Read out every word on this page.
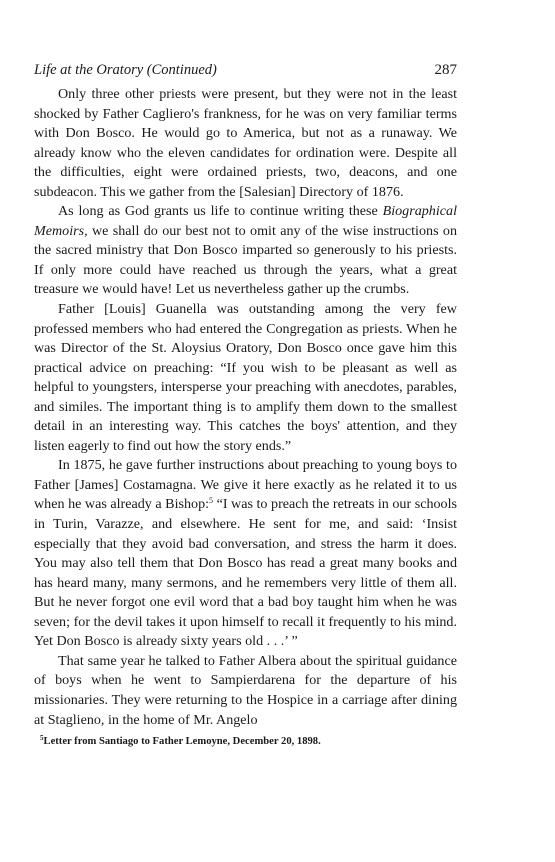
Life at the Oratory (Continued)	287

Only three other priests were present, but they were not in the least shocked by Father Cagliero's frankness, for he was on very familiar terms with Don Bosco. He would go to America, but not as a runaway. We already know who the eleven candidates for ordination were. Despite all the difficulties, eight were ordained priests, two, deacons, and one subdeacon. This we gather from the [Salesian] Directory of 1876.

As long as God grants us life to continue writing these Biographical Memoirs, we shall do our best not to omit any of the wise instructions on the sacred ministry that Don Bosco imparted so generously to his priests. If only more could have reached us through the years, what a great treasure we would have! Let us nevertheless gather up the crumbs.

Father [Louis] Guanella was outstanding among the very few professed members who had entered the Congregation as priests. When he was Director of the St. Aloysius Oratory, Don Bosco once gave him this practical advice on preaching: “If you wish to be pleasant as well as helpful to youngsters, intersperse your preaching with anecdotes, parables, and similes. The important thing is to amplify them down to the smallest detail in an interesting way. This catches the boys' attention, and they listen eagerly to find out how the story ends.”

In 1875, he gave further instructions about preaching to young boys to Father [James] Costamagna. We give it here exactly as he related it to us when he was already a Bishop:$^5$ “I was to preach the retreats in our schools in Turin, Varazze, and elsewhere. He sent for me, and said: ‘Insist especially that they avoid bad conversation, and stress the harm it does. You may also tell them that Don Bosco has read a great many books and has heard many, many sermons, and he remembers very little of them all. But he never forgot one evil word that a bad boy taught him when he was seven; for the devil takes it upon himself to recall it frequently to his mind. Yet Don Bosco is already sixty years old . . .’ ”

That same year he talked to Father Albera about the spiritual guidance of boys when he went to Sampierdarena for the departure of his missionaries. They were returning to the Hospice in a carriage after dining at Staglieno, in the home of Mr. Angelo

$^5$Letter from Santiago to Father Lemoyne, December 20, 1898.
